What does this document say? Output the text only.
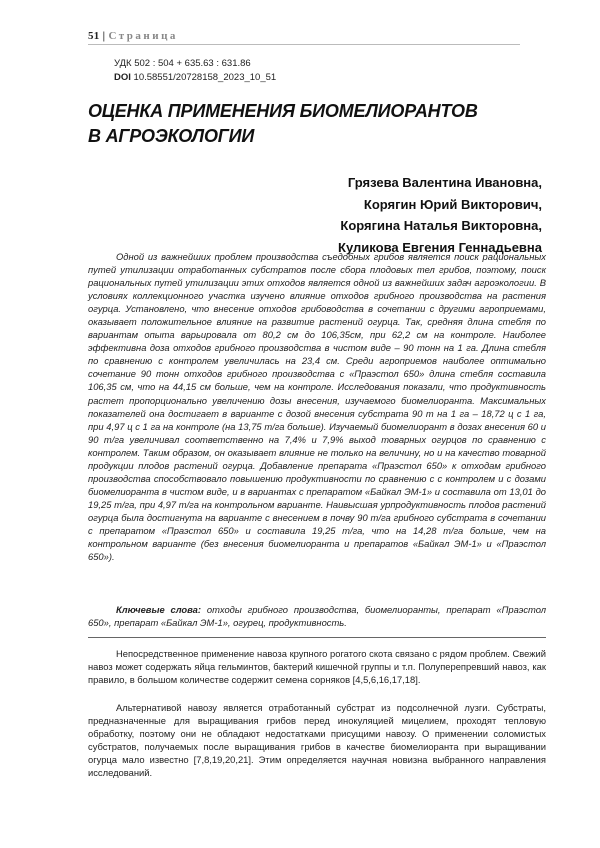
51 | Страница
УДК 502 : 504 + 635.63 : 631.86
DOI 10.58551/20728158_2023_10_51
ОЦЕНКА ПРИМЕНЕНИЯ БИОМЕЛИОРАНТОВ
В АГРОЭКОЛОГИИ
Грязева Валентина Ивановна,
Корягин Юрий Викторович,
Корягина Наталья Викторовна,
Куликова Евгения Геннадьевна
Одной из важнейших проблем производства съедобных грибов является поиск рациональных путей утилизации отработанных субстратов после сбора плодовых тел грибов, поэтому, поиск рациональных путей утилизации этих отходов является одной из важнейших задач агроэкологии. В условиях коллекционного участка изучено влияние отходов грибного производства на растения огурца. Установлено, что внесение отходов грибоводства в сочетании с другими агроприемами, оказывает положительное влияние на развитие растений огурца. Так, средняя длина стебля по вариантам опыта варьировала от 80,2 см до 106,35см, при 62,2 см на контроле. Наиболее эффективна доза отходов грибного производства в чистом виде – 90 тонн на 1 га. Длина стебля по сравнению с контролем увеличилась на 23,4 см. Среди агроприемов наиболее оптимально сочетание 90 тонн отходов грибного производства с «Праэстол 650» длина стебля составила 106,35 см, что на 44,15 см больше, чем на контроле. Исследования показали, что продуктивность растет пропорционально увеличению дозы внесения, изучаемого биомелиоранта. Максимальных показателей она достигает в варианте с дозой внесения субстрата 90 т на 1 га – 18,72 ц с 1 га, при 4,97 ц с 1 га на контроле (на 13,75 т/га больше). Изучаемый биомелиорант в дозах внесения 60 и 90 т/га увеличивал соответственно на 7,4% и 7,9% выход товарных огурцов по сравнению с контролем. Таким образом, он оказывает влияние не только на величину, но и на качество товарной продукции плодов растений огурца. Добавление препарата «Праэстол 650» к отходам грибного производства способствовало повышению продуктивности по сравнению с с контролем и с дозами биомелиоранта в чистом виде, и в вариантах с препаратом «Байкал ЭМ-1» и составила от 13,01 до 19,25 т/га, при 4,97 т/га на контрольном варианте. Наивысшая урпродуктивность плодов растений огурца была достигнута на варианте с внесением в почву 90 т/га грибного субстрата в сочетании с препаратом «Праэстол 650» и составила 19,25 т/га, что на 14,28 т/га больше, чем на контрольном варианте (без внесения биомелиоранта и препаратов «Байкал ЭМ-1» и «Праэстол 650»).
Ключевые слова: отходы грибного производства, биомелиоранты, препарат «Праэстол 650», препарат «Байкал ЭМ-1», огурец, продуктивность.
Непосредственное применение навоза крупного рогатого скота связано с рядом проблем. Свежий навоз может содержать яйца гельминтов, бактерий кишечной группы и т.п. Полуперепревший навоз, как правило, в большом количестве содержит семена сорняков [4,5,6,16,17,18].
Альтернативой навозу является отработанный субстрат из подсолнечной лузги. Субстраты, предназначенные для выращивания грибов перед инокуляцией мицелием, проходят тепловую обработку, поэтому они не обладают недостатками присущими навозу. О применении соломистых субстратов, получаемых после выращивания грибов в качестве биомелиоранта при выращивании огурца мало известно [7,8,19,20,21]. Этим определяется научная новизна выбранного направления исследований.
